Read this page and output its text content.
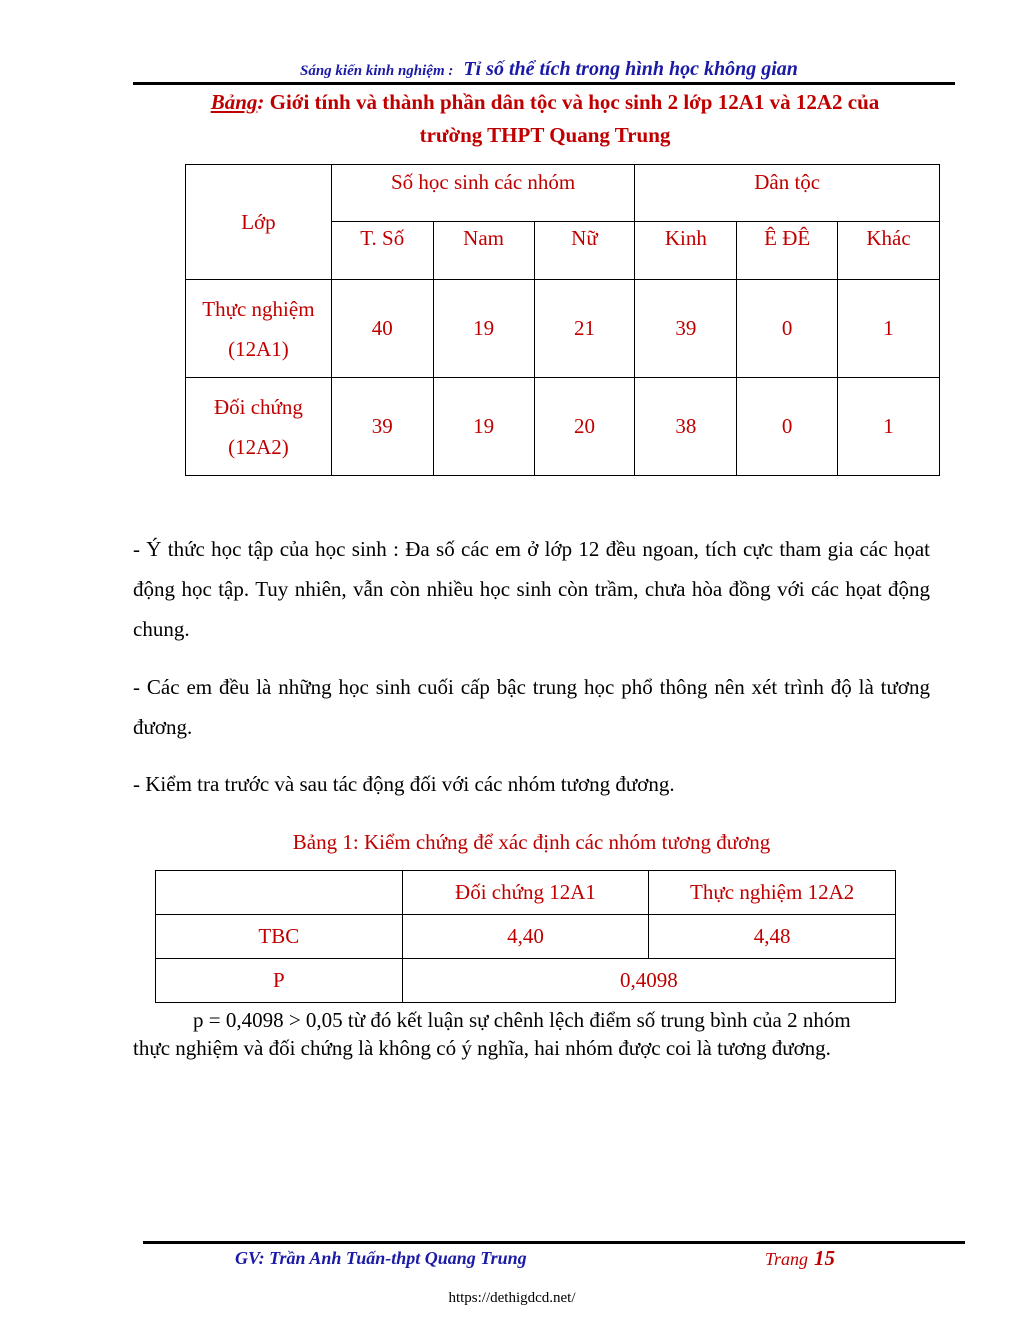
Sáng kiến kinh nghiệm : Tỉ số thể tích trong hình học không gian
Bảng: Giới tính và thành phần dân tộc và học sinh 2 lớp 12A1 và 12A2 của
trường THPT Quang Trung
Lớp	Số học sinh các nhóm			Dân tộc		
	T. Số	Nam	Nữ	Kinh	Ê ĐÊ	Khác
Thực nghiệm
(12A1)	40	19	21	39	0	1
Đối chứng
(12A2)	39	19	20	38	0	1
- Ý thức học tập của học sinh : Đa số các em ở lớp 12 đều ngoan, tích cực tham gia các họat động học tập. Tuy nhiên, vẫn còn nhiều học sinh còn trầm, chưa hòa đồng với các họat động chung.
- Các em đều là những học sinh cuối cấp bậc trung học phổ thông nên xét trình độ là tương đương.
- Kiểm tra trước và sau tác động đối với các nhóm tương đương.
Bảng 1: Kiểm chứng để xác định các nhóm tương đương
	Đối chứng 12A1	Thực nghiệm 12A2
TBC	4,40	4,48
P	0,4098	
p = 0,4098 > 0,05 từ đó kết luận sự chênh lệch điểm số trung bình của 2 nhóm
thực nghiệm và đối chứng là không có ý nghĩa, hai nhóm được coi là tương đương.
GV: Trần Anh Tuấn-thpt Quang Trung	Trang 15
https://dethigdcd.net/
